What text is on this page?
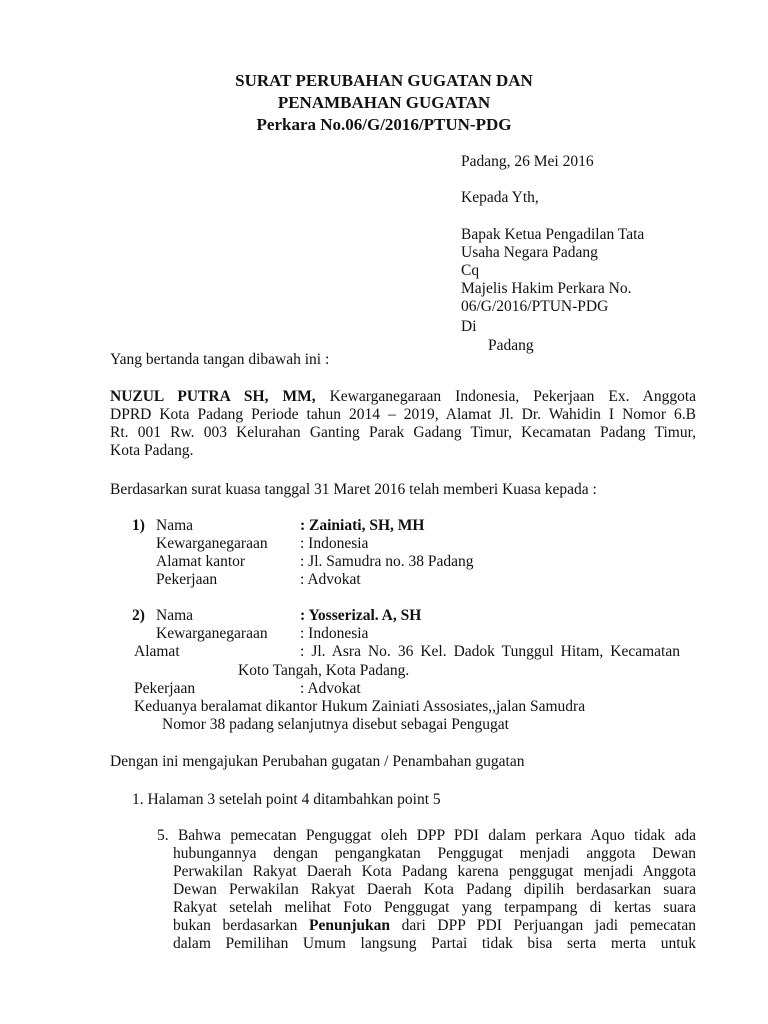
SURAT PERUBAHAN GUGATAN DAN
PENAMBAHAN GUGATAN
Perkara No.06/G/2016/PTUN-PDG
Padang, 26 Mei 2016
Kepada Yth,
Bapak Ketua Pengadilan Tata
Usaha Negara Padang
Cq
Majelis Hakim Perkara No.
06/G/2016/PTUN-PDG
Di
Padang
Yang bertanda tangan dibawah ini :
NUZUL PUTRA SH, MM, Kewarganegaraan Indonesia, Pekerjaan Ex. Anggota
DPRD Kota Padang Periode tahun 2014 – 2019, Alamat Jl. Dr. Wahidin I Nomor 6.B
Rt. 001 Rw. 003 Kelurahan Ganting Parak Gadang Timur, Kecamatan Padang Timur,
Kota Padang.
Berdasarkan surat kuasa tanggal 31 Maret 2016 telah memberi Kuasa kepada :
1) Nama	: Zainiati, SH, MH
Kewarganegaraan : Indonesia
Alamat kantor	: Jl. Samudra no. 38 Padang
Pekerjaan	: Advokat
2) Nama	: Yosserizal. A, SH
Kewarganegaraan : Indonesia
Alamat	: Jl. Asra No. 36 Kel. Dadok Tunggul Hitam, Kecamatan
Koto Tangah, Kota Padang.
Pekerjaan	: Advokat
Keduanya beralamat dikantor Hukum Zainiati Assosiates,,jalan Samudra
Nomor 38 padang selanjutnya disebut sebagai Pengugat
Dengan ini mengajukan Perubahan gugatan / Penambahan gugatan
1. Halaman 3 setelah point 4 ditambahkan point 5
5. Bahwa pemecatan Penguggat oleh DPP PDI dalam perkara Aquo tidak ada
hubungannya dengan pengangkatan Penggugat menjadi anggota Dewan
Perwakilan Rakyat Daerah Kota Padang karena penggugat menjadi Anggota
Dewan Perwakilan Rakyat Daerah Kota Padang dipilih berdasarkan suara
Rakyat setelah melihat Foto Penggugat yang terpampang di kertas suara
bukan berdasarkan Penunjukan dari DPP PDI Perjuangan jadi pemecatan
dalam Pemilihan Umum langsung Partai tidak bisa serta merta untuk
